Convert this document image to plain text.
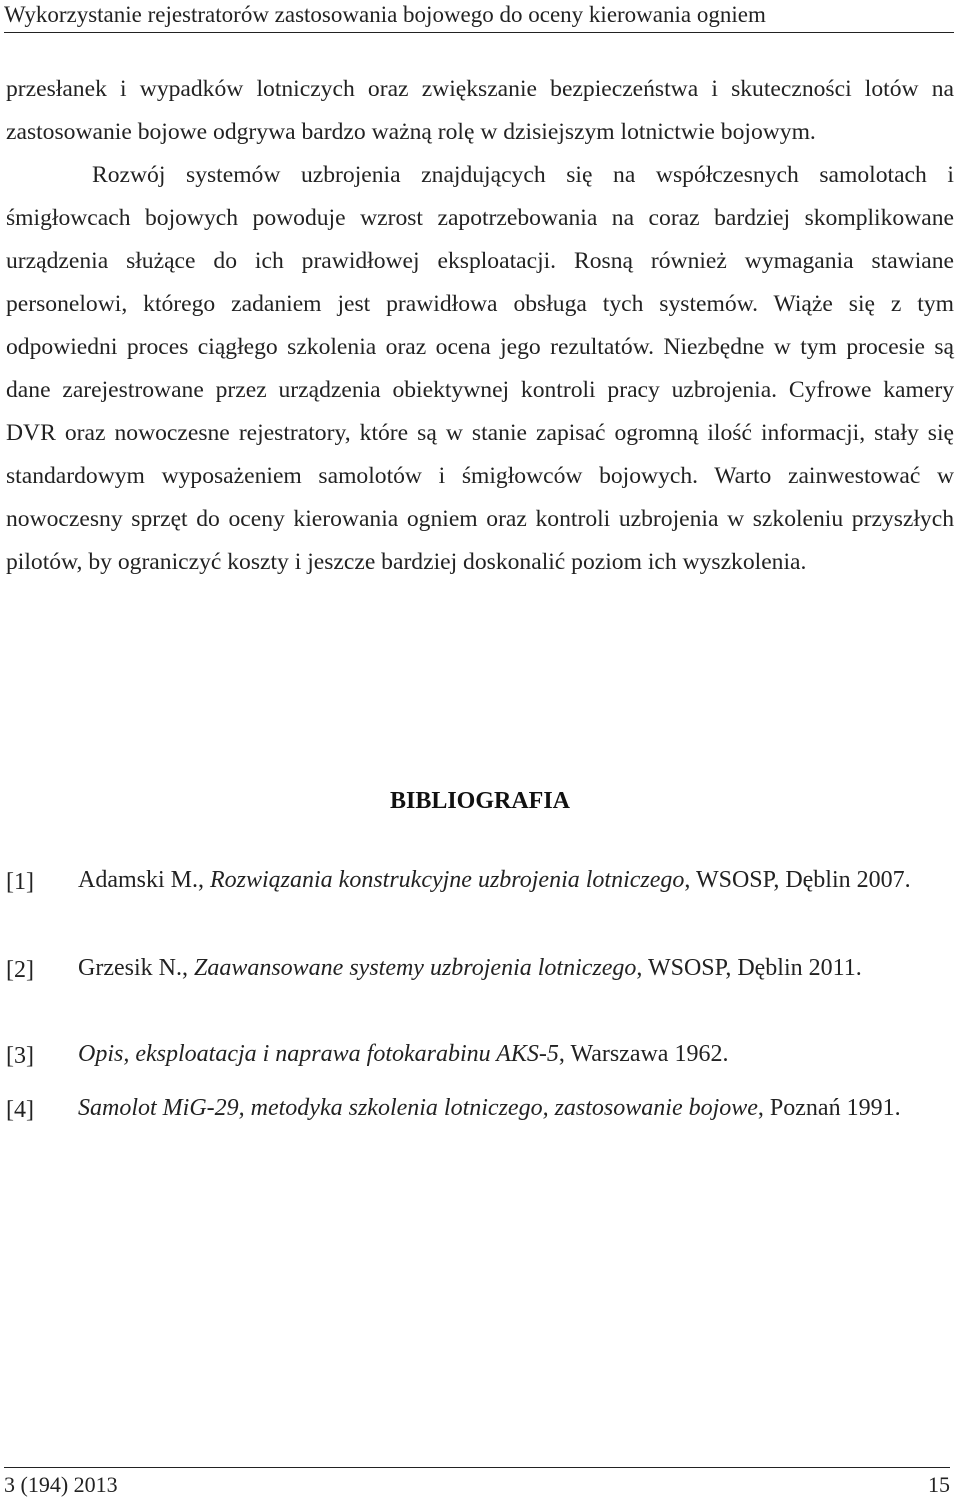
Wykorzystanie rejestratorów zastosowania bojowego do oceny kierowania ogniem

przesłanek i wypadków lotniczych oraz zwiększanie bezpieczeństwa i skuteczności lotów na zastosowanie bojowe odgrywa bardzo ważną rolę w dzisiejszym lotnictwie bojowym.

Rozwój systemów uzbrojenia znajdujących się na współczesnych samolotach i śmigłowcach bojowych powoduje wzrost zapotrzebowania na coraz bardziej skomplikowane urządzenia służące do ich prawidłowej eksploatacji. Rosną również wymagania stawiane personelowi, którego zadaniem jest prawidłowa obsługa tych systemów. Wiąże się z tym odpowiedni proces ciągłego szkolenia oraz ocena jego rezultatów. Niezbędne w tym procesie są dane zarejestrowane przez urządzenia obiektywnej kontroli pracy uzbrojenia. Cyfrowe kamery DVR oraz nowoczesne rejestratory, które są w stanie zapisać ogromną ilość informacji, stały się standardowym wyposażeniem samolotów i śmigłowców bojowych. Warto zainwestować w nowoczesny sprzęt do oceny kierowania ogniem oraz kontroli uzbrojenia w szkoleniu przyszłych pilotów, by ograniczyć koszty i jeszcze bardziej doskonalić poziom ich wyszkolenia.

BIBLIOGRAFIA
[1] Adamski M., Rozwiązania konstrukcyjne uzbrojenia lotniczego, WSOSP, Dęblin 2007.
[2] Grzesik N., Zaawansowane systemy uzbrojenia lotniczego, WSOSP, Dęblin 2011.
[3] Opis, eksploatacja i naprawa fotokarabinu AKS-5, Warszawa 1962.
[4] Samolot MiG-29, metodyka szkolenia lotniczego, zastosowanie bojowe, Poznań 1991.
3 (194) 2013	15
